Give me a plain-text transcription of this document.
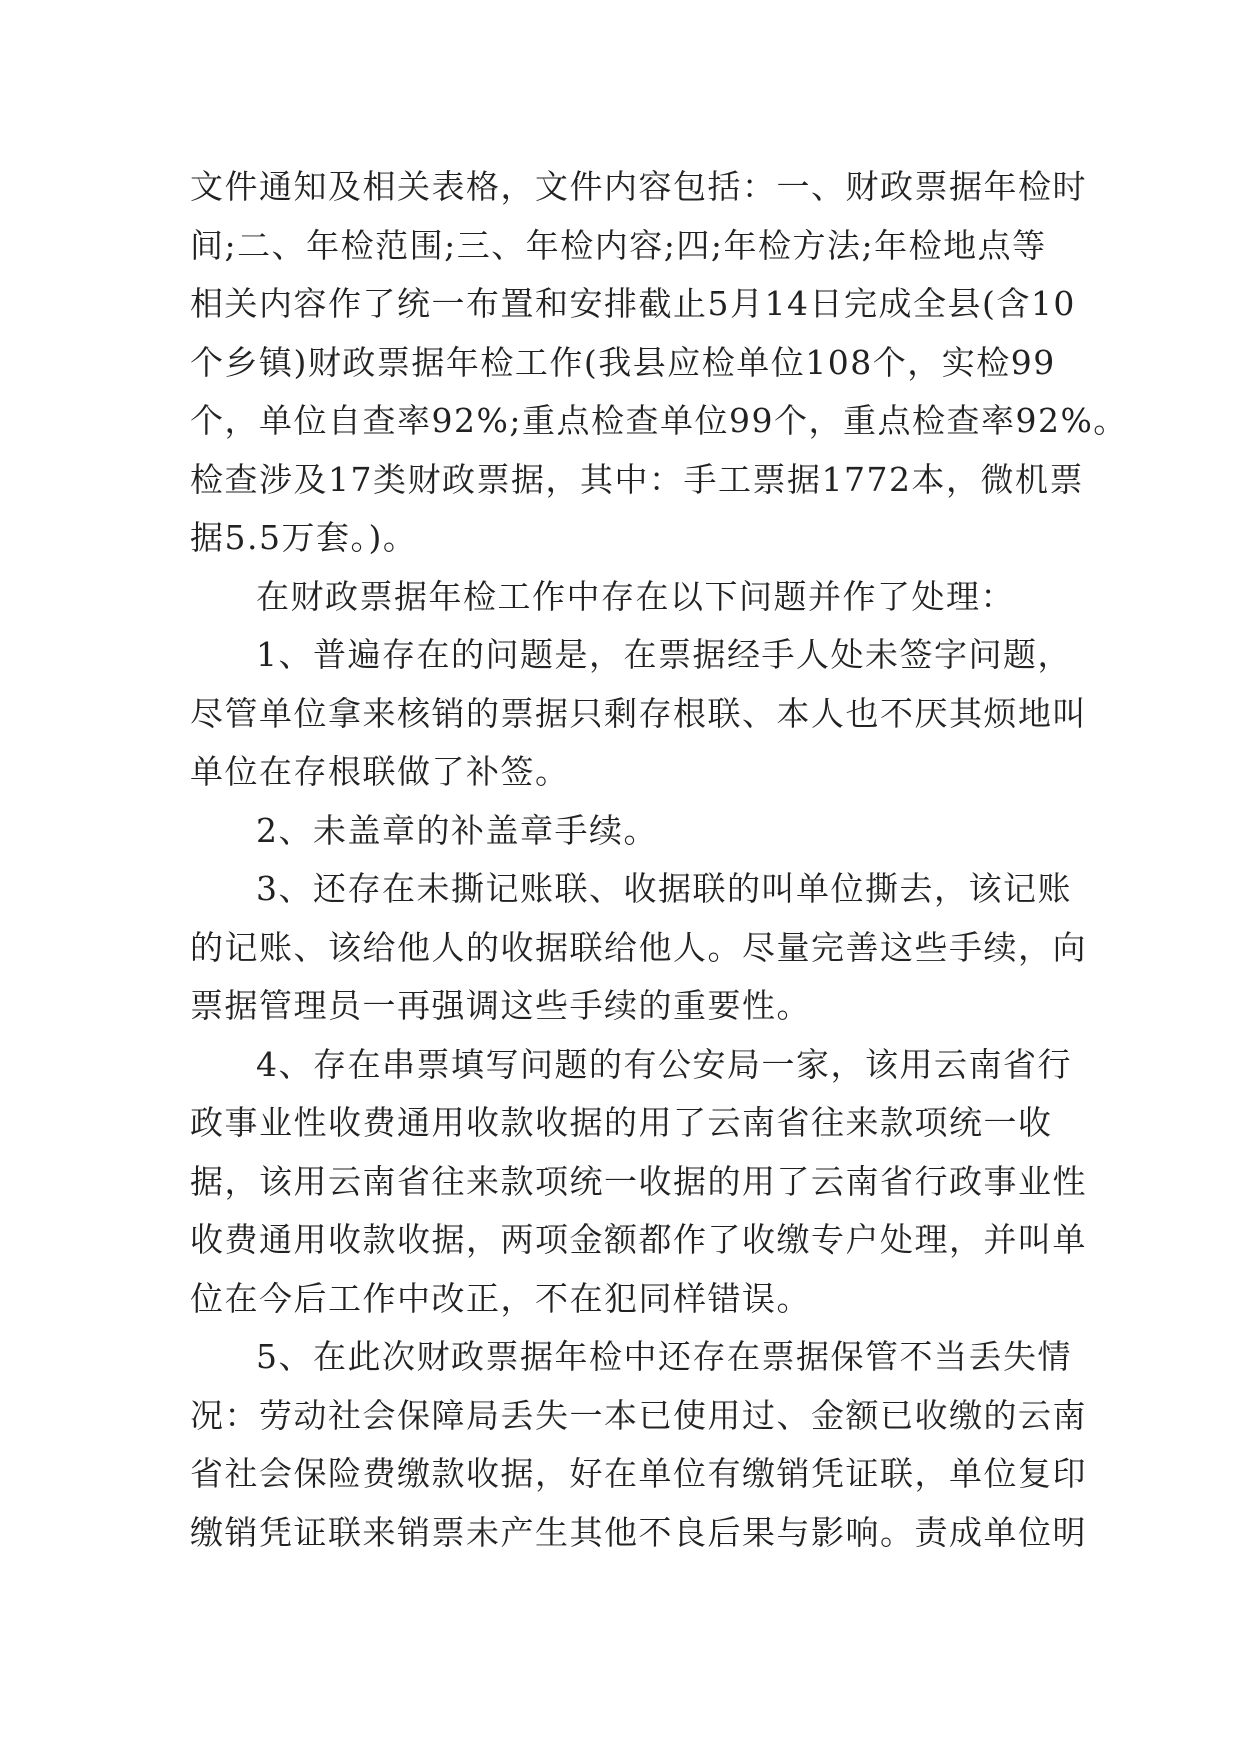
文件通知及相关表格，文件内容包括：一、财政票据年检时
间;二、年检范围;三、年检内容;四;年检方法;年检地点等
相关内容作了统一布置和安排截止5月14日完成全县(含10
个乡镇)财政票据年检工作(我县应检单位108个，实检99
个，单位自查率92%;重点检查单位99个，重点检查率92%。
检查涉及17类财政票据，其中：手工票据1772本，微机票
据5.5万套。)。
在财政票据年检工作中存在以下问题并作了处理：
1、普遍存在的问题是，在票据经手人处未签字问题，
尽管单位拿来核销的票据只剩存根联、本人也不厌其烦地叫
单位在存根联做了补签。
2、未盖章的补盖章手续。
3、还存在未撕记账联、收据联的叫单位撕去，该记账
的记账、该给他人的收据联给他人。尽量完善这些手续，向
票据管理员一再强调这些手续的重要性。
4、存在串票填写问题的有公安局一家，该用云南省行
政事业性收费通用收款收据的用了云南省往来款项统一收
据，该用云南省往来款项统一收据的用了云南省行政事业性
收费通用收款收据，两项金额都作了收缴专户处理，并叫单
位在今后工作中改正，不在犯同样错误。
5、在此次财政票据年检中还存在票据保管不当丢失情
况：劳动社会保障局丢失一本已使用过、金额已收缴的云南
省社会保险费缴款收据，好在单位有缴销凭证联，单位复印
缴销凭证联来销票未产生其他不良后果与影响。责成单位明
